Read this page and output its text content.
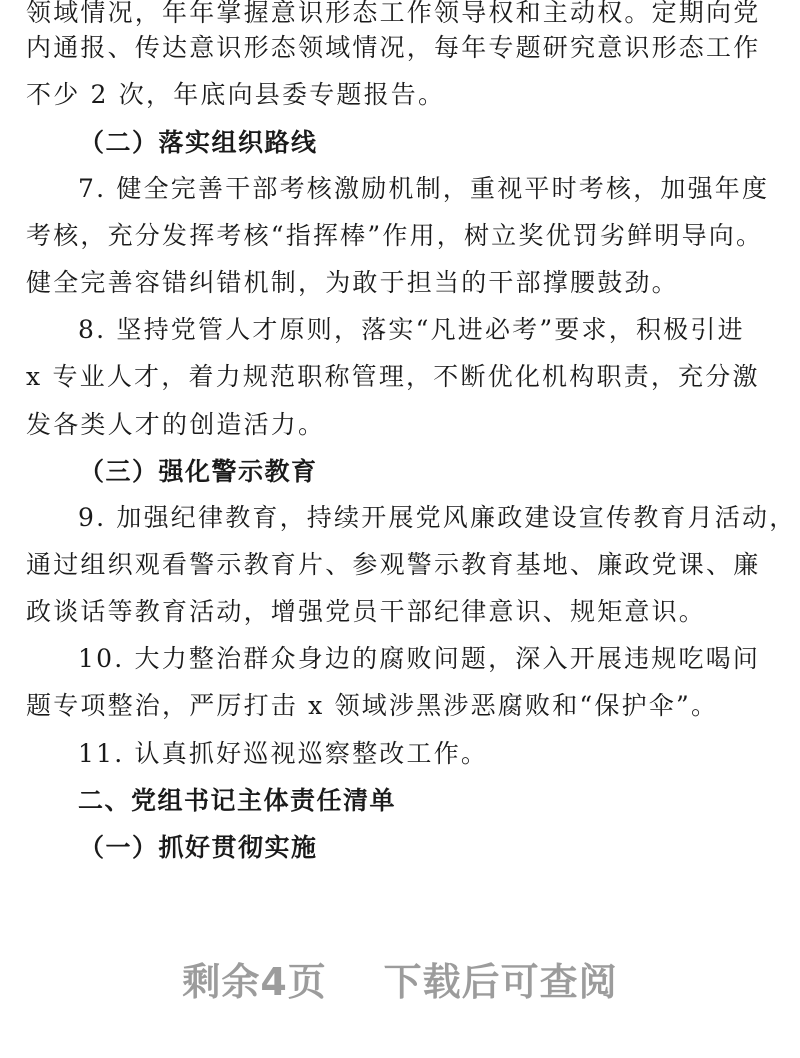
领域情况，年年掌握意识形态工作领导权和主动权。定期向党
内通报、传达意识形态领域情况，每年专题研究意识形态工作
不少 2 次，年底向县委专题报告。
（二）落实组织路线
7. 健全完善干部考核激励机制，重视平时考核，加强年度
考核，充分发挥考核“指挥棒”作用，树立奖优罚劣鲜明导向。
健全完善容错纠错机制，为敢于担当的干部撑腰鼓劲。
8. 坚持党管人才原则，落实“凡进必考”要求，积极引进
x 专业人才，着力规范职称管理，不断优化机构职责，充分激
发各类人才的创造活力。
（三）强化警示教育
9. 加强纪律教育，持续开展党风廉政建设宣传教育月活动，
通过组织观看警示教育片、参观警示教育基地、廉政党课、廉
政谈话等教育活动，增强党员干部纪律意识、规矩意识。
10. 大力整治群众身边的腐败问题，深入开展违规吃喝问
题专项整治，严厉打击 x 领域涉黑涉恶腐败和“保护伞”。
11. 认真抓好巡视巡察整改工作。
二、党组书记主体责任清单
（一）抓好贯彻实施
剩余4页    下载后可查阅
